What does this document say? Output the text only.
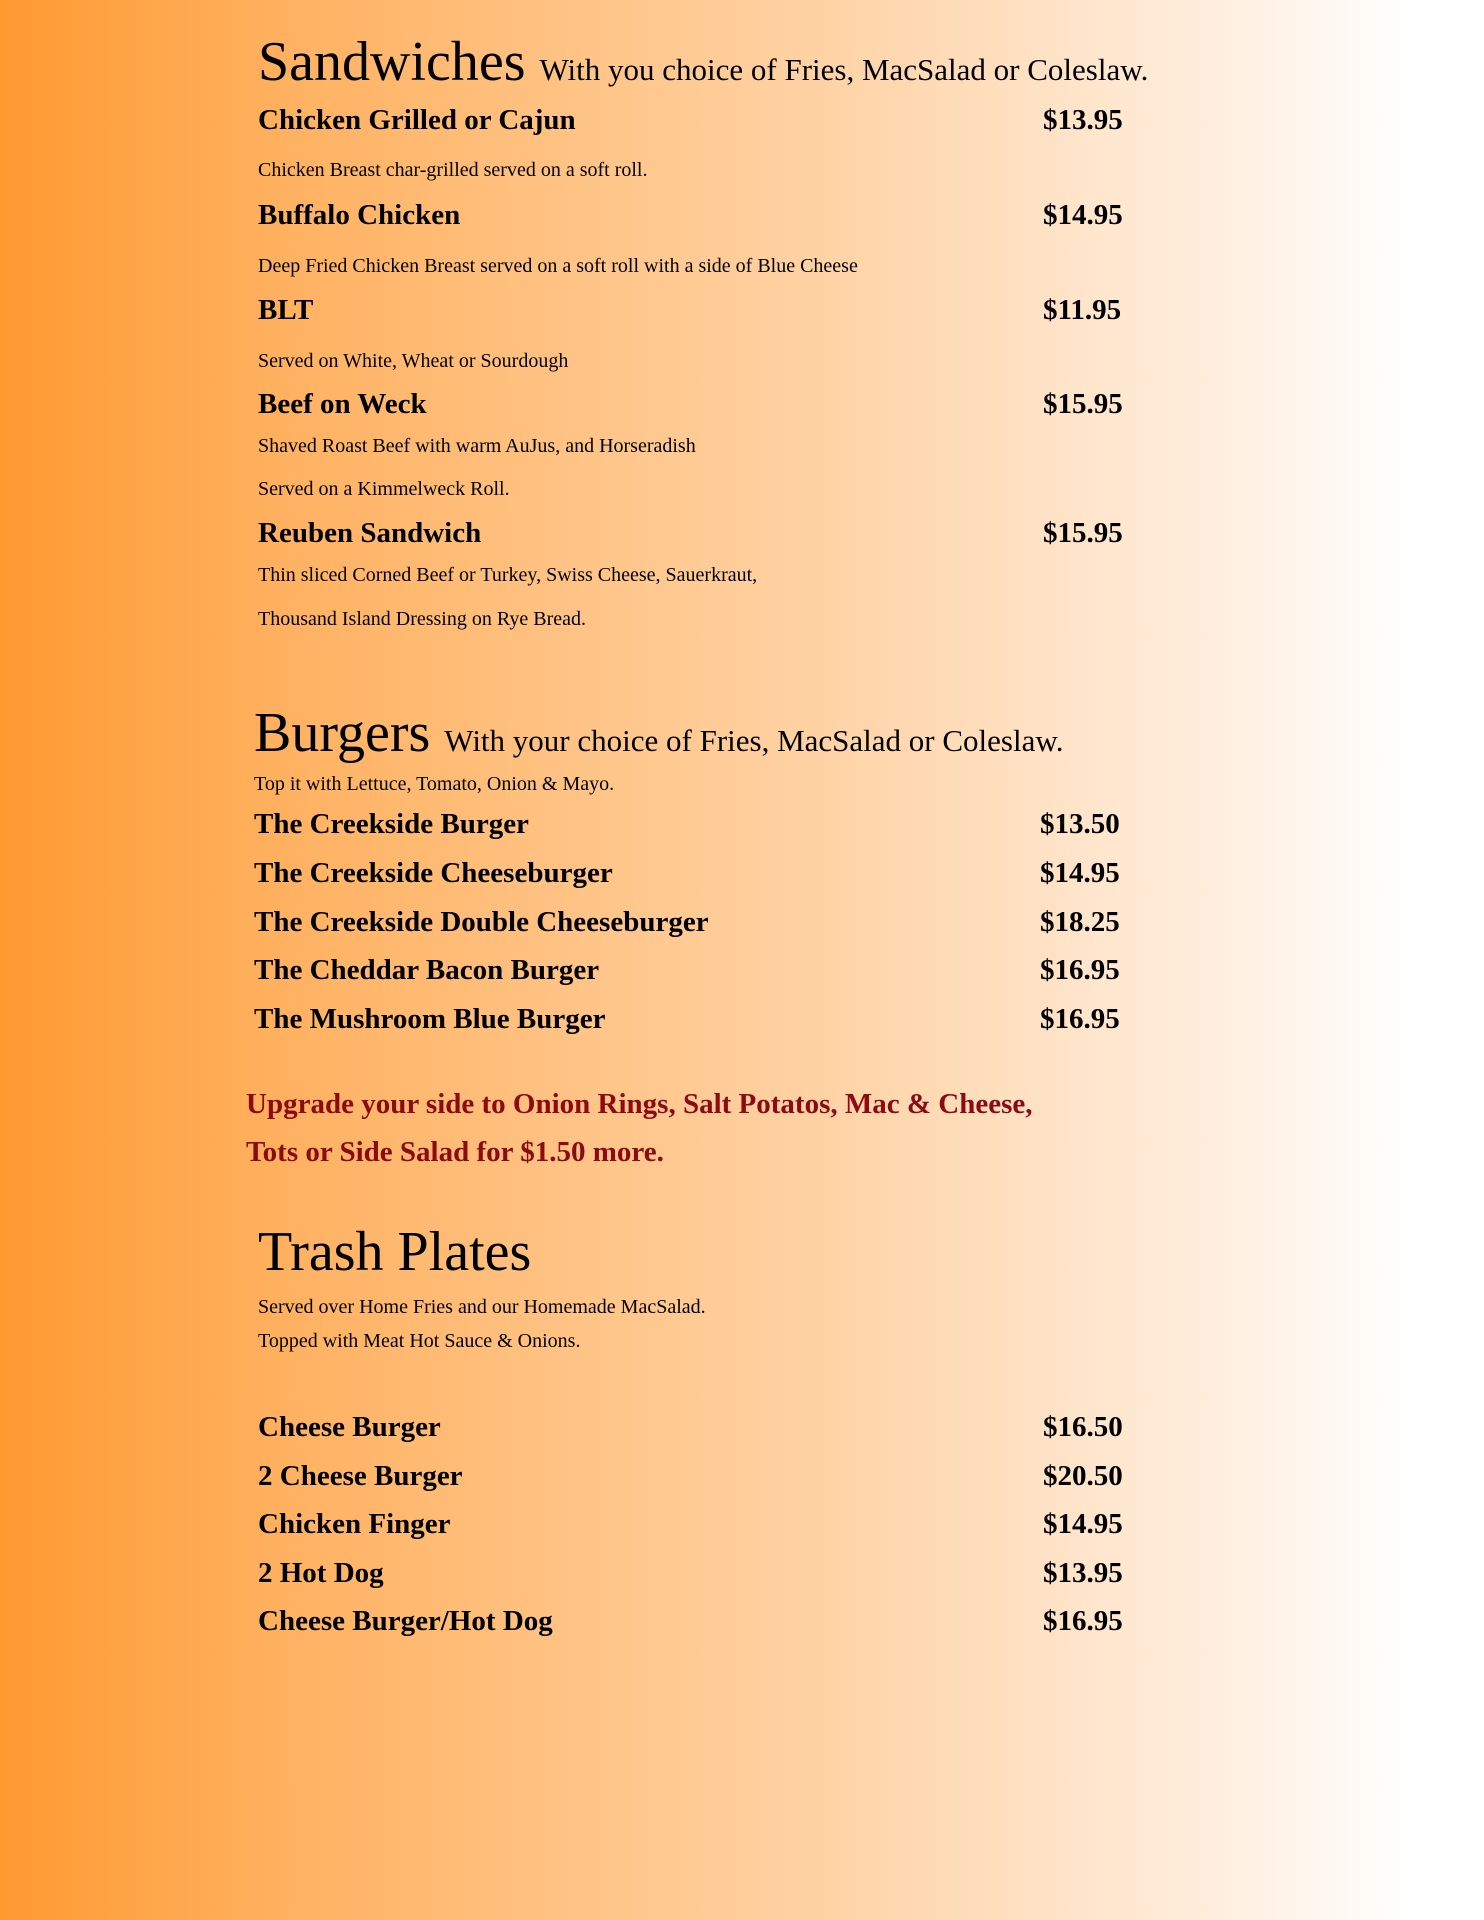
Sandwiches With you choice of Fries, MacSalad or Coleslaw.
Chicken Grilled or Cajun	$13.95
Chicken Breast char-grilled served on a soft roll.
Buffalo Chicken	$14.95
Deep Fried Chicken Breast served on a soft roll with a side of Blue Cheese
BLT	$11.95
Served on White, Wheat or Sourdough
Beef on Weck	$15.95
Shaved Roast Beef with warm AuJus, and Horseradish
Served on a Kimmelweck Roll.
Reuben Sandwich	$15.95
Thin sliced Corned Beef or Turkey, Swiss Cheese, Sauerkraut,
Thousand Island Dressing on Rye Bread.
Burgers With your choice of Fries, MacSalad or Coleslaw.
Top it with Lettuce, Tomato, Onion & Mayo.
The Creekside Burger	$13.50
The Creekside Cheeseburger	$14.95
The Creekside Double Cheeseburger	$18.25
The Cheddar Bacon Burger	$16.95
The Mushroom Blue Burger	$16.95
Upgrade your side to Onion Rings, Salt Potatos, Mac & Cheese,
Tots or Side Salad for $1.50 more.
Trash Plates
Served over Home Fries and our Homemade MacSalad.
Topped with Meat Hot Sauce & Onions.
Cheese Burger	$16.50
2 Cheese Burger	$20.50
Chicken Finger	$14.95
2 Hot Dog	$13.95
Cheese Burger/Hot Dog	$16.95
